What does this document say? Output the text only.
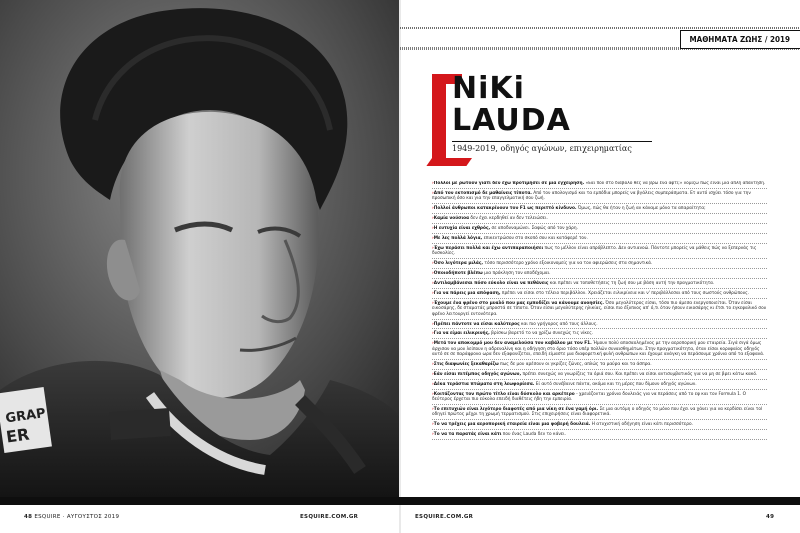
GRAP
ER
ΜΑΘΗΜΑΤΑ ΖΩΗΣ / 2019
NiKi
LAUDA
1949-2019, οδηγός αγώνων, επιχειρηματίας
›Πολλοί με ρωτούν γιατί δεν έχω προτιμήσει σε μια εγχείρηση. «Εαι πού στο διάβολο θες να βρω ένα αφτί;» νομίζω πως είναι μια απλή απάντηση.
›Από τον εκτοπισμό δε μαθαίνεις τίποτα. Από τον απολογισμό και τα εμπόδια μπορείς να βγάλεις συμπεράσματα. Ετ αυτό ισχύει τόσο για την προσωπική όσο και για την επαγγελματική σου ζωή.
›Πολλοί άνθρωποι κατακρίνουν τον F1 ως περιττό κίνδυνο. Όμως, πώς θα ήταν η ζωή αν κάναμε μόνο τα απαραίτητα;
›Καμία νούσιοα δεν έχει κερδηθεί αν δεν τελειώσει.
›Η ευτυχία είναι εχθρός, σε αποδυναμώνει. Σαφώς από τον χάρη.
›Με λες πολλά λόγια, επικεντρώσου στο σκοπό σου και κατάφερέ τον.
›Έχω περάσει πολλά και έχω αντιπαραποιήσει πως το μέλλον είναι απρόβλεπτο. Δεν αντιανοώ. Πάντοτε μπορείς να μάθεις πώς να ξεπερνάς τις δυσκολίες.
›Όσο λιγότερα μιλάς, τόσο περισσότερο χρόνο εξοικονομείς για να τον αφιερώσεις στα σημαντικά.
›Οποιοδήποτε βλέπω μια πρόκληση τον αποδέχομαι.
›Αντιλαμβάνεσαι πόσο εύκολο είναι να πεθάνεις και πρέπει να τοποθετήσεις τη ζωή σου με βάση αυτή την πραγματικότητα.
›Για να πάρεις μια απόφαση, πρέπει να είσαι στο τέλειο περιβάλλον. Χρειάζεται ειλικρίνεια και ν' περιβάλλεσαι από τους σωστούς ανθρώπους.
›Έχουμε ένα φρένο στο μυαλό που μας εμποδίζει να κάνουμε ανοησίες. Όσο μεγαλύτερος είσαι, τόσο πιο άμεσα ενεργοποιείται. Όταν είσαι εικοσάρης, δε σταματάς μπροστά σε τίποτα. Όταν είσαι μεγαλύτερης ηλικίας, είσαι πιο έξυπνος απ' ό,τι όταν ήσουν εικοσάρης κι έτσι το εγκεφαλικό σου φρένο λειτουργεί εντονότερα.
›Πρέπει πάντοτε να είσαι καλύτερος και πιο γρήγορος από τους άλλους.
›Για να είμαι ειλικρινής, βρίσκω βαρετό το να χρίζω συνεχώς τις νίκες.
›Μετά τον αποκομμό μου δεν αναμελούσα τον καβάλου με τον F1. Ήμουν πολύ αποσαολημένος με την αεροπορική μου εταιρεία. Σιγά σιγά όμως άρχισαν να μου λείπουν η αδρεναλίνη και η οδήγηση στο όριο τόσο υπέρ πολλών συναισθημάτων. Στην πραγματικότητα, όταν είσαι κορυφαίος οδηγός αυτό σε σε παράφρονα ωρα δεν εξαφανίζεται, επειδή είμαστε μια διαφορετική φυλή ανθρώπων και έχουμε ανάγκη να περάσουμε χρόνια από τα εξαφανά.
›Στις διαφωνίες ξεκαθαρίζω πως δε μου αρέσουν οι γκρίζες ζώνες, απλώς τα μαύρα και τα άσπρα.
›Εάν είσαι πιτέμπος οδηγός αγώνων, πρέπει συνεχώς να γνωρίζεις τα όριά σου. Και πρέπει να είσαι αντισυμβατικός για να μη σε βρει κάτω κακό.
›Δέκα τεράστια πτώματα στη λεωφορίεσα. Εί αυτό συνέβαινε πάντα, ακόμα και τη μέρες που δίμουν οδηγός αγώνων.
›Κοιτάζοντας τον πρώτο τίτλο είναι δύσκολο και αρκέτερο - χρειάζονται χρόνια δουλειάς για να περάσεις από το εφ και τον Formula 1. Ο δεύτερος έρχεται πιο εύκολα επειδή διαθέτεις ήδη την εμπειρία.
›Το επιτυχιών είναι λιγότερο διαφοτές από μια νίκη σε ένα γαμή όρι. Σε μια αυτόμη ο οδηγός το μόνο που έχει να χάνει για να κερδίσει είναι τοl οδηγεί πρώτος μέχρι τη χρωμή τερματισμού. Στις επιχειρήσεις είναι διαφορετικά.
›Το να τρέχεις μια αεροπορική εταιρεία είναι μια φοβερή δουλειά. Η ατυχιστική οδήγηση είναι κάτι περισσότερο.
›Το να τα παρατάς είναι κάτι που ένας Lauda δεν το κάνει.
48 ESQUIRE · ΑΥΓΟΥΣΤΟΣ 2019	ESQUIRE.COM.GR	ESQUIRE.COM.GR	49
